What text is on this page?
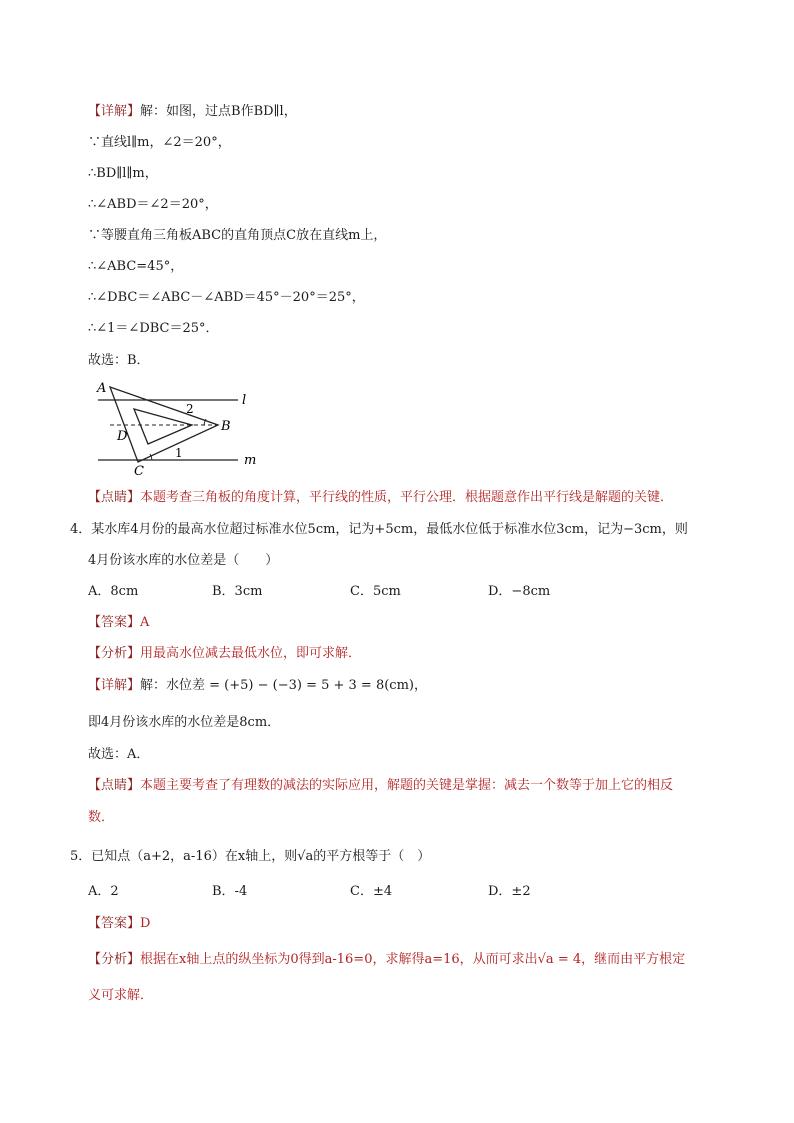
【详解】解：如图，过点B作BD∥l，
∵直线l∥m，∠2＝20°，
∴BD∥l∥m，
∴∠ABD＝∠2＝20°，
∵等腰直角三角板ABC的直角顶点C放在直线m上，
∴∠ABC=45°，
∴∠DBC＝∠ABC－∠ABD＝45°－20°＝25°，
∴∠1＝∠DBC＝25°．
故选：B．
A
l
2
D
B
1
C
m
【点睛】本题考查三角板的角度计算，平行线的性质，平行公理．根据题意作出平行线是解题的关键．
4．某水库4月份的最高水位超过标准水位5cm，记为+5cm，最低水位低于标准水位3cm，记为−3cm，则
4月份该水库的水位差是（　　）
A．8cm	B．3cm	C．5cm	D．−8cm
【答案】A
【分析】用最高水位减去最低水位，即可求解．
【详解】解：水位差 = (+5) − (−3) = 5 + 3 = 8(cm)，
即4月份该水库的水位差是8cm．
故选：A．
【点睛】本题主要考查了有理数的减法的实际应用，解题的关键是掌握：减去一个数等于加上它的相反
数．
5．已知点（a+2，a-16）在x轴上，则√a的平方根等于（　）
A．2	B．-4	C．±4	D．±2
【答案】D
【分析】根据在x轴上点的纵坐标为0得到a-16=0，求解得a=16，从而可求出√a = 4，继而由平方根定
义可求解．
